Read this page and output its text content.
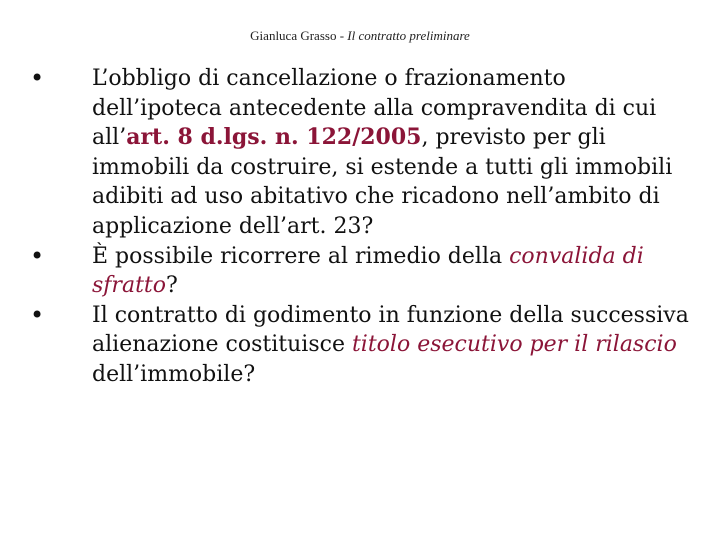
Gianluca Grasso - Il contratto preliminare
• L’obbligo di cancellazione o frazionamento dell’ipoteca antecedente alla compravendita di cui all’art. 8 d.lgs. n. 122/2005, previsto per gli immobili da costruire, si estende a tutti gli immobili adibiti ad uso abitativo che ricadono nell’ambito di applicazione dell’art. 23?
• È possibile ricorrere al rimedio della convalida di sfratto?
• Il contratto di godimento in funzione della successiva alienazione costituisce titolo esecutivo per il rilascio dell’immobile?
